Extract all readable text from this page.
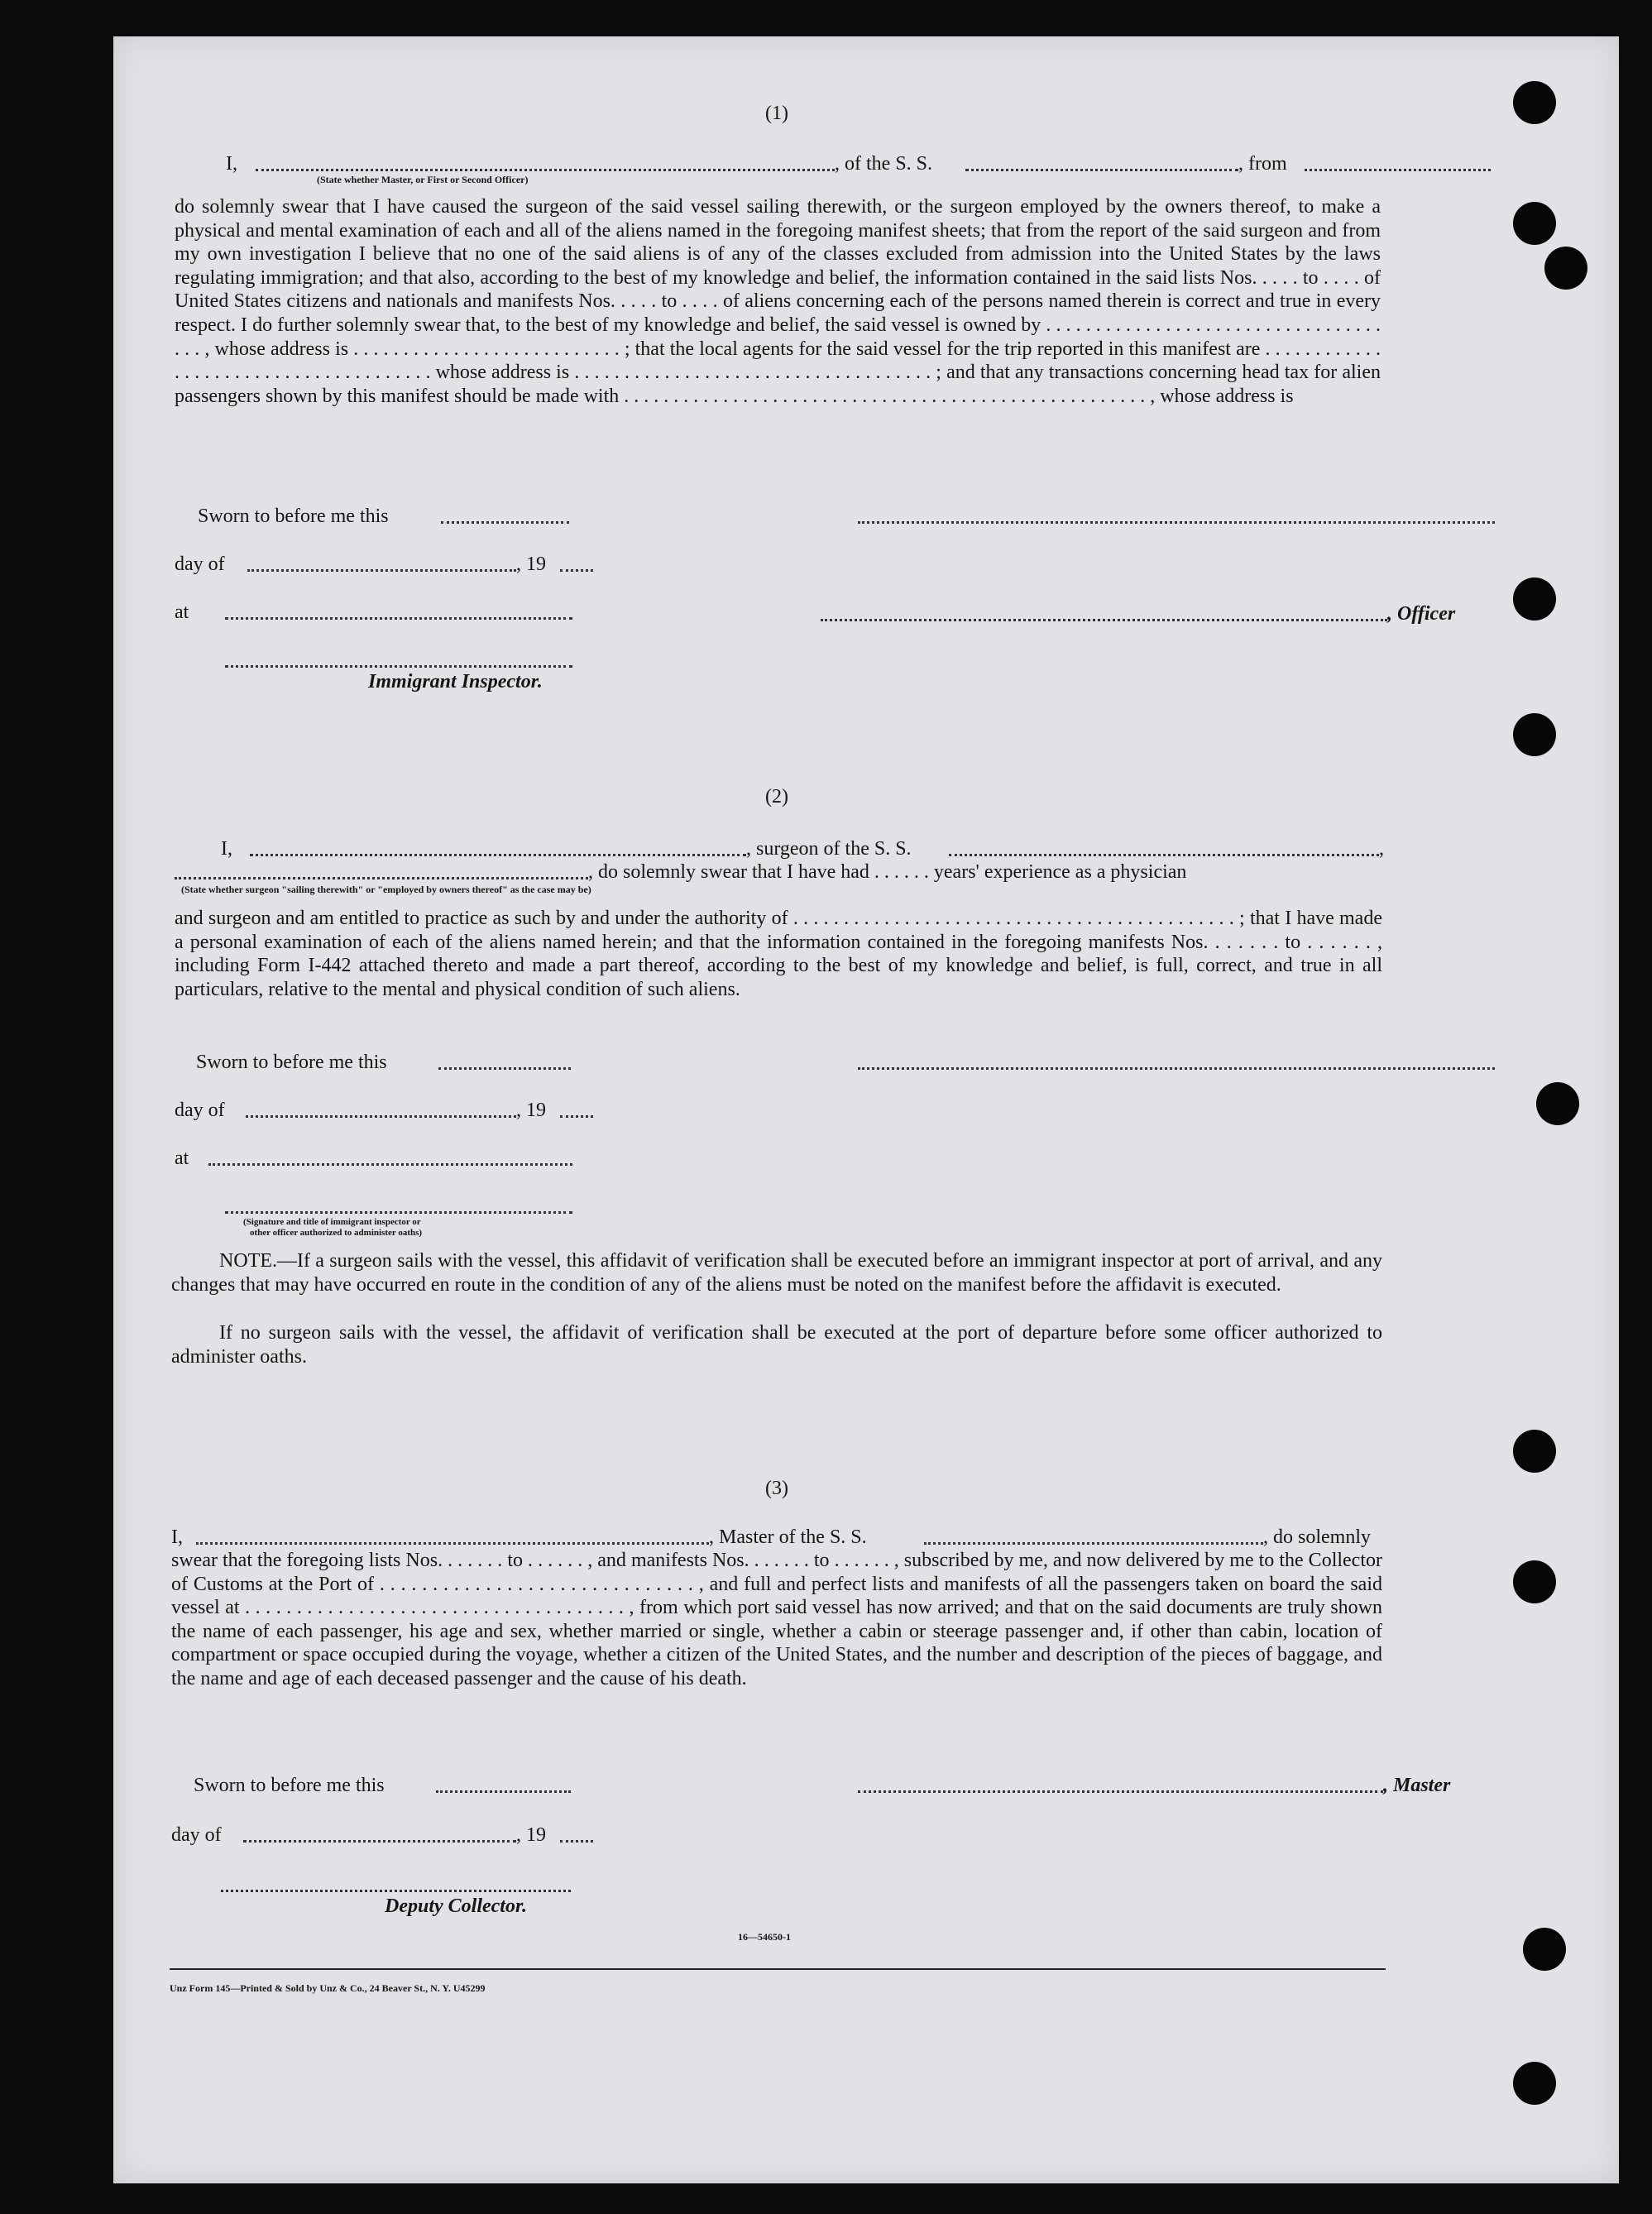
(1)
I,	, of the S. S.	, from
(State whether Master, or First or Second Officer)
do solemnly swear that I have caused the surgeon of the said vessel sailing therewith, or the surgeon employed by the owners thereof, to make a physical and mental examination of each and all of the aliens named in the foregoing manifest sheets; that from the report of the said surgeon and from my own investigation I believe that no one of the said aliens is of any of the classes excluded from admission into the United States by the laws regulating immigration; and that also, according to the best of my knowledge and belief, the information contained in the said lists Nos. . . . . to . . . . of United States citizens and nationals and manifests Nos. . . . . to . . . . of aliens concerning each of the persons named therein is correct and true in every respect. I do further solemnly swear that, to the best of my knowledge and belief, the said vessel is owned by . . . . . . . . . . . . . . . . . . . . . . . . . . . . . . . . . . . . . , whose address is . . . . . . . . . . . . . . . . . . . . . . . . . . . ; that the local agents for the said vessel for the trip reported in this manifest are . . . . . . . . . . . . . . . . . . . . . . . . . . . . . . . . . . . . . . whose address is . . . . . . . . . . . . . . . . . . . . . . . . . . . . . . . . . . . . ; and that any transactions concerning head tax for alien passengers shown by this manifest should be made with . . . . . . . . . . . . . . . . . . . . . . . . . . . . . . . . . . . . . . . . . . . . . . . . . . . . . , whose address is
Sworn to before me this
day of	, 19
, Officer
at
Immigrant Inspector.
(2)
I,	, surgeon of the S. S.	,
, do solemnly swear that I have had . . . . . . years' experience as a physician
(State whether surgeon "sailing therewith" or "employed by owners thereof" as the case may be)
and surgeon and am entitled to practice as such by and under the authority of . . . . . . . . . . . . . . . . . . . . . . . . . . . . . . . . . . . . . . . . . . . . ; that I have made a personal examination of each of the aliens named herein; and that the information contained in the foregoing manifests Nos. . . . . . . to . . . . . . , including Form I-442 attached thereto and made a part thereof, according to the best of my knowledge and belief, is full, correct, and true in all particulars, relative to the mental and physical condition of such aliens.
Sworn to before me this
day of	, 19
at
(Signature and title of immigrant inspector or
other officer authorized to administer oaths)
NOTE.—If a surgeon sails with the vessel, this affidavit of verification shall be executed before an immigrant inspector at port of arrival, and any changes that may have occurred en route in the condition of any of the aliens must be noted on the manifest before the affidavit is executed.
If no surgeon sails with the vessel, the affidavit of verification shall be executed at the port of departure before some officer authorized to administer oaths.
(3)
I,	, Master of the S. S.	, do solemnly
swear that the foregoing lists Nos. . . . . . . to . . . . . . , and manifests Nos. . . . . . . to . . . . . . , subscribed by me, and now delivered by me to the Collector of Customs at the Port of . . . . . . . . . . . . . . . . . . . . . . . . . . . . . . , and full and perfect lists and manifests of all the passengers taken on board the said vessel at . . . . . . . . . . . . . . . . . . . . . . . . . . . . . . . . . . . . . , from which port said vessel has now arrived; and that on the said documents are truly shown the name of each passenger, his age and sex, whether married or single, whether a cabin or steerage passenger and, if other than cabin, location of compartment or space occupied during the voyage, whether a citizen of the United States, and the number and description of the pieces of baggage, and the name and age of each deceased passenger and the cause of his death.
Sworn to before me this	, Master
day of	, 19
Deputy Collector.
16—54650-1
Unz Form 145—Printed & Sold by Unz & Co., 24 Beaver St., N. Y. U45299
